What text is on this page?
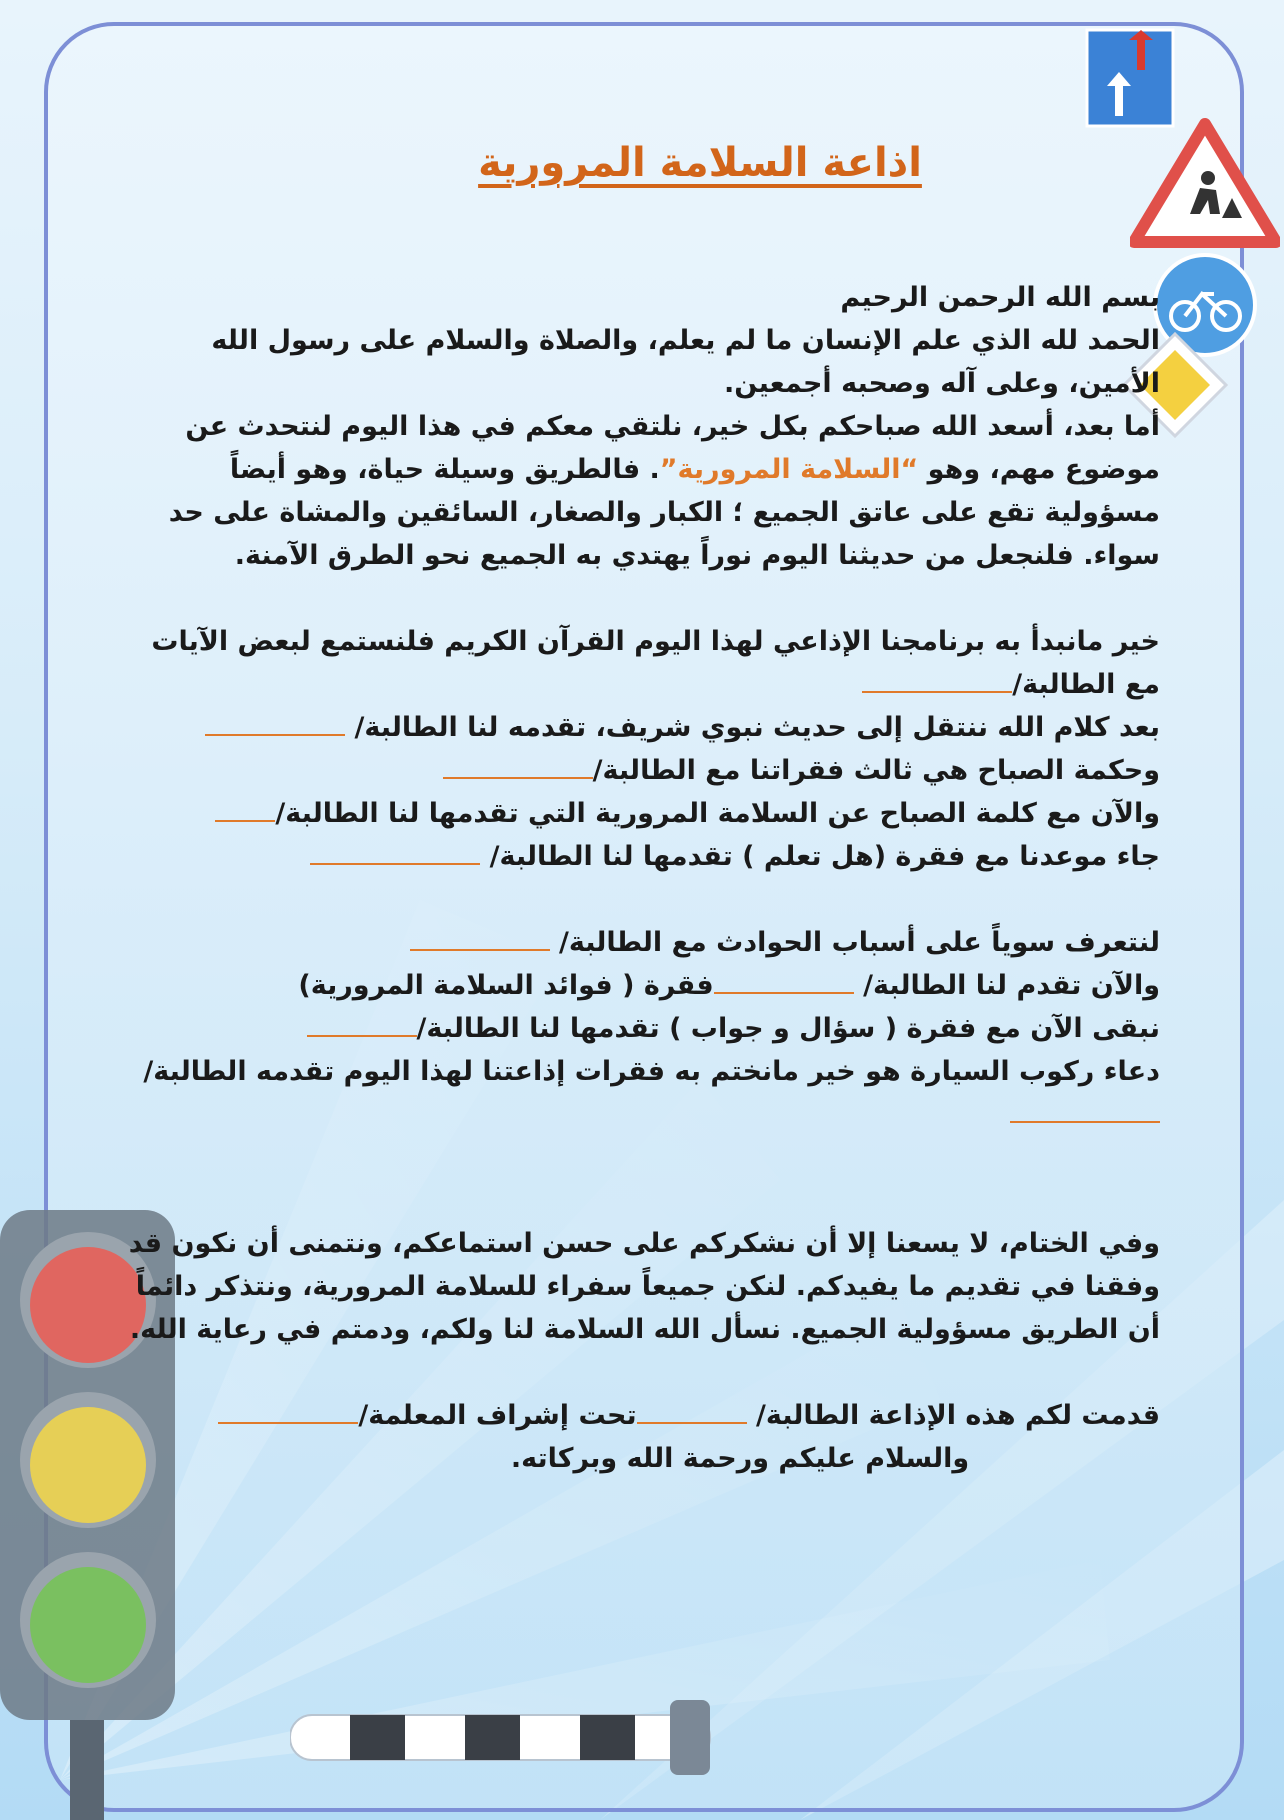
اذاعة السلامة المرورية

بسم الله الرحمن الرحيم

الحمد لله الذي علم الإنسان ما لم يعلم، والصلاة والسلام على رسول الله الأمين، وعلى آله وصحبه أجمعين.

أما بعد، أسعد الله صباحكم بكل خير، نلتقي معكم في هذا اليوم لنتحدث عن موضوع مهم، وهو “السلامة المرورية”. فالطريق وسيلة حياة، وهو أيضاً مسؤولية تقع على عاتق الجميع ؛ الكبار والصغار، السائقين والمشاة على حد سواء. فلنجعل من حديثنا اليوم نوراً يهتدي به الجميع نحو الطرق الآمنة.

خير مانبدأ به برنامجنا الإذاعي لهذا اليوم القرآن الكريم فلنستمع لبعض الآيات مع الطالبة/

بعد كلام الله ننتقل إلى حديث نبوي شريف، تقدمه لنا الطالبة/

وحكمة الصباح هي ثالث فقراتنا مع الطالبة/

والآن مع كلمة الصباح عن السلامة المرورية التي تقدمها لنا الطالبة/

جاء موعدنا مع فقرة (هل تعلم ) تقدمها لنا الطالبة/

لنتعرف سوياً على أسباب الحوادث مع الطالبة/

والآن تقدم لنا الطالبة/ فقرة ( فوائد السلامة المرورية)

نبقى الآن مع فقرة ( سؤال و جواب ) تقدمها لنا الطالبة/

دعاء ركوب السيارة هو خير مانختم به فقرات إذاعتنا لهذا اليوم تقدمه الطالبة/

وفي الختام، لا يسعنا إلا أن نشكركم على حسن استماعكم، ونتمنى أن نكون قد وفقنا في تقديم ما يفيدكم. لنكن جميعاً سفراء للسلامة المرورية، ونتذكر دائماً أن الطريق مسؤولية الجميع. نسأل الله السلامة لنا ولكم، ودمتم في رعاية الله.

قدمت لكم هذه الإذاعة الطالبة/ تحت إشراف المعلمة/

والسلام عليكم ورحمة الله وبركاته.
